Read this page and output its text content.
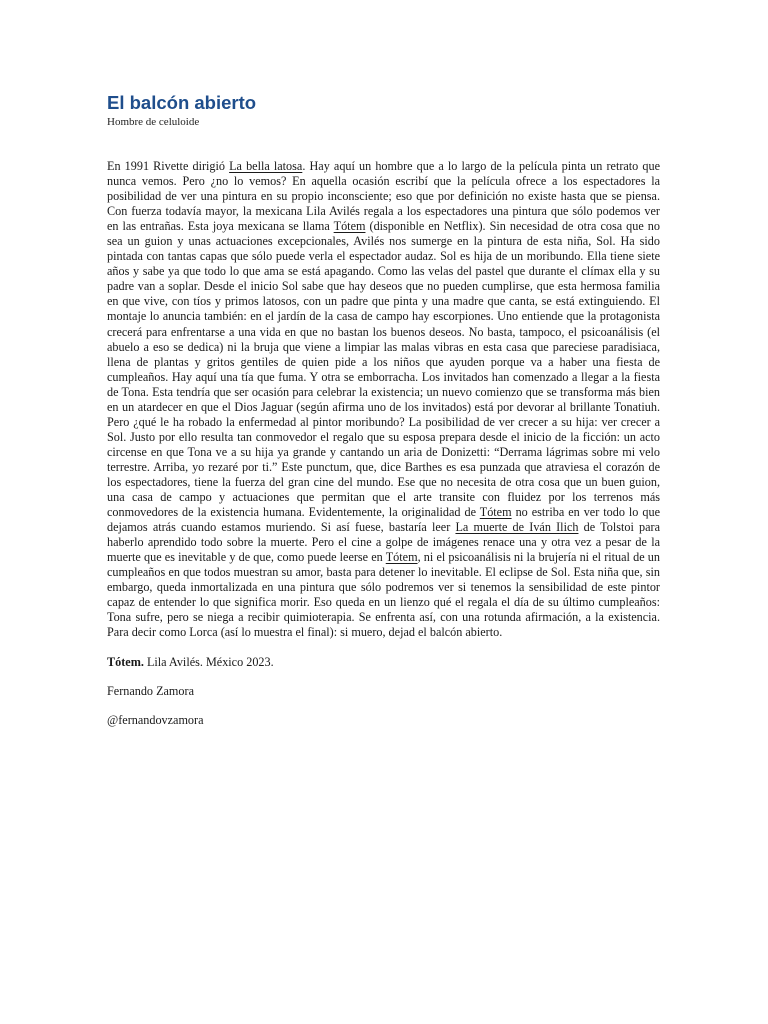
El balcón abierto

Hombre de celuloide

En 1991 Rivette dirigió La bella latosa. Hay aquí un hombre que a lo largo de la película pinta un retrato que nunca vemos. Pero ¿no lo vemos? En aquella ocasión escribí que la película ofrece a los espectadores la posibilidad de ver una pintura en su propio inconsciente; eso que por definición no existe hasta que se piensa. Con fuerza todavía mayor, la mexicana Lila Avilés regala a los espectadores una pintura que sólo podemos ver en las entrañas. Esta joya mexicana se llama Tótem (disponible en Netflix). Sin necesidad de otra cosa que no sea un guion y unas actuaciones excepcionales, Avilés nos sumerge en la pintura de esta niña, Sol. Ha sido pintada con tantas capas que sólo puede verla el espectador audaz. Sol es hija de un moribundo. Ella tiene siete años y sabe ya que todo lo que ama se está apagando. Como las velas del pastel que durante el clímax ella y su padre van a soplar. Desde el inicio Sol sabe que hay deseos que no pueden cumplirse, que esta hermosa familia en que vive, con tíos y primos latosos, con un padre que pinta y una madre que canta, se está extinguiendo. El montaje lo anuncia también: en el jardín de la casa de campo hay escorpiones. Uno entiende que la protagonista crecerá para enfrentarse a una vida en que no bastan los buenos deseos. No basta, tampoco, el psicoanálisis (el abuelo a eso se dedica) ni la bruja que viene a limpiar las malas vibras en esta casa que pareciese paradisiaca, llena de plantas y gritos gentiles de quien pide a los niños que ayuden porque va a haber una fiesta de cumpleaños. Hay aquí una tía que fuma. Y otra se emborracha. Los invitados han comenzado a llegar a la fiesta de Tona. Esta tendría que ser ocasión para celebrar la existencia; un nuevo comienzo que se transforma más bien en un atardecer en que el Dios Jaguar (según afirma uno de los invitados) está por devorar al brillante Tonatiuh. Pero ¿qué le ha robado la enfermedad al pintor moribundo? La posibilidad de ver crecer a su hija: ver crecer a Sol. Justo por ello resulta tan conmovedor el regalo que su esposa prepara desde el inicio de la ficción: un acto circense en que Tona ve a su hija ya grande y cantando un aria de Donizetti: “Derrama lágrimas sobre mi velo terrestre. Arriba, yo rezaré por ti.” Este punctum, que, dice Barthes es esa punzada que atraviesa el corazón de los espectadores, tiene la fuerza del gran cine del mundo. Ese que no necesita de otra cosa que un buen guion, una casa de campo y actuaciones que permitan que el arte transite con fluidez por los terrenos más conmovedores de la existencia humana. Evidentemente, la originalidad de Tótem no estriba en ver todo lo que dejamos atrás cuando estamos muriendo. Si así fuese, bastaría leer La muerte de Iván Ilich de Tolstoi para haberlo aprendido todo sobre la muerte. Pero el cine a golpe de imágenes renace una y otra vez a pesar de la muerte que es inevitable y de que, como puede leerse en Tótem, ni el psicoanálisis ni la brujería ni el ritual de un cumpleaños en que todos muestran su amor, basta para detener lo inevitable. El eclipse de Sol. Esta niña que, sin embargo, queda inmortalizada en una pintura que sólo podremos ver si tenemos la sensibilidad de este pintor capaz de entender lo que significa morir. Eso queda en un lienzo qué el regala el día de su último cumpleaños: Tona sufre, pero se niega a recibir quimioterapia. Se enfrenta así, con una rotunda afirmación, a la existencia. Para decir como Lorca (así lo muestra el final): si muero, dejad el balcón abierto.

Tótem. Lila Avilés. México 2023.

Fernando Zamora

@fernandovzamora
